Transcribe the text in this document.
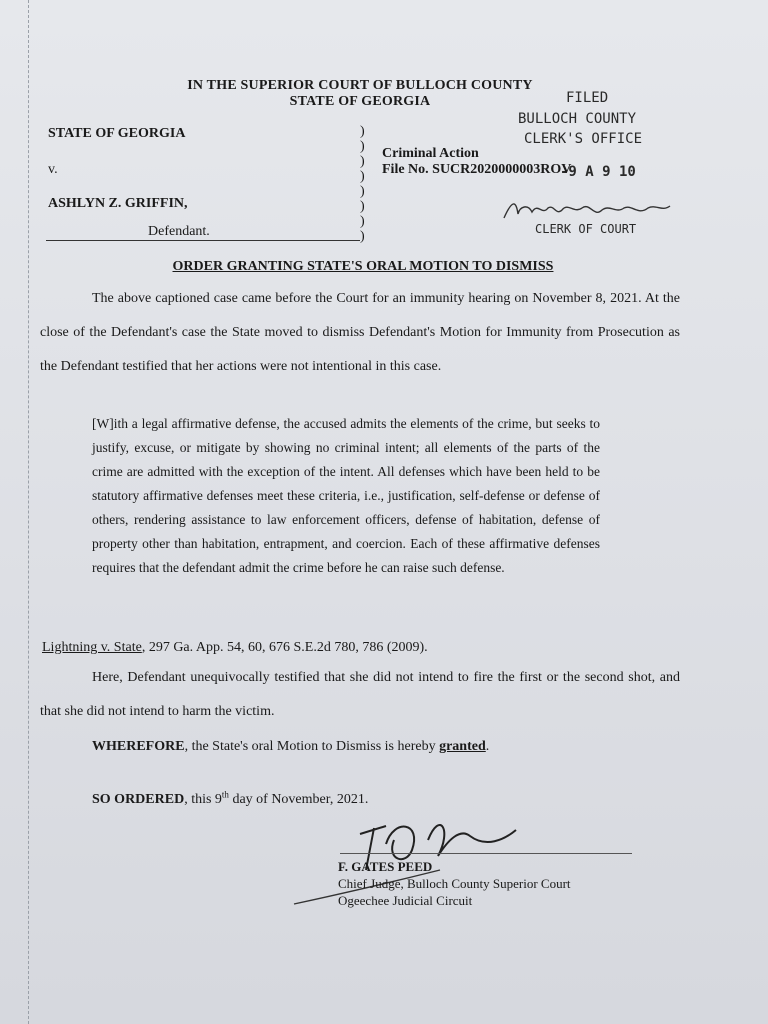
IN THE SUPERIOR COURT OF BULLOCH COUNTY
STATE OF GEORGIA	FILED
BULLOCH COUNTY
CLERK'S OFFICE
-9 A 9 10
CLERK OF COURT
STATE OF GEORGIA
v.
ASHLYN Z. GRIFFIN,
Defendant.
)
)
)
)
)
)
)
)
Criminal Action
File No. SUCR2020000003ROV
ORDER GRANTING STATE'S ORAL MOTION TO DISMISS
The above captioned case came before the Court for an immunity hearing on November 8, 2021. At the close of the Defendant's case the State moved to dismiss Defendant's Motion for Immunity from Prosecution as the Defendant testified that her actions were not intentional in this case.
[W]ith a legal affirmative defense, the accused admits the elements of the crime, but seeks to justify, excuse, or mitigate by showing no criminal intent; all elements of the parts of the crime are admitted with the exception of the intent. All defenses which have been held to be statutory affirmative defenses meet these criteria, i.e., justification, self-defense or defense of others, rendering assistance to law enforcement officers, defense of habitation, defense of property other than habitation, entrapment, and coercion. Each of these affirmative defenses requires that the defendant admit the crime before he can raise such defense.
Lightning v. State, 297 Ga. App. 54, 60, 676 S.E.2d 780, 786 (2009).
Here, Defendant unequivocally testified that she did not intend to fire the first or the second shot, and that she did not intend to harm the victim.
WHEREFORE, the State's oral Motion to Dismiss is hereby granted.
SO ORDERED, this 9th day of November, 2021.
F. GATES PEED
Chief Judge, Bulloch County Superior Court
Ogeechee Judicial Circuit
